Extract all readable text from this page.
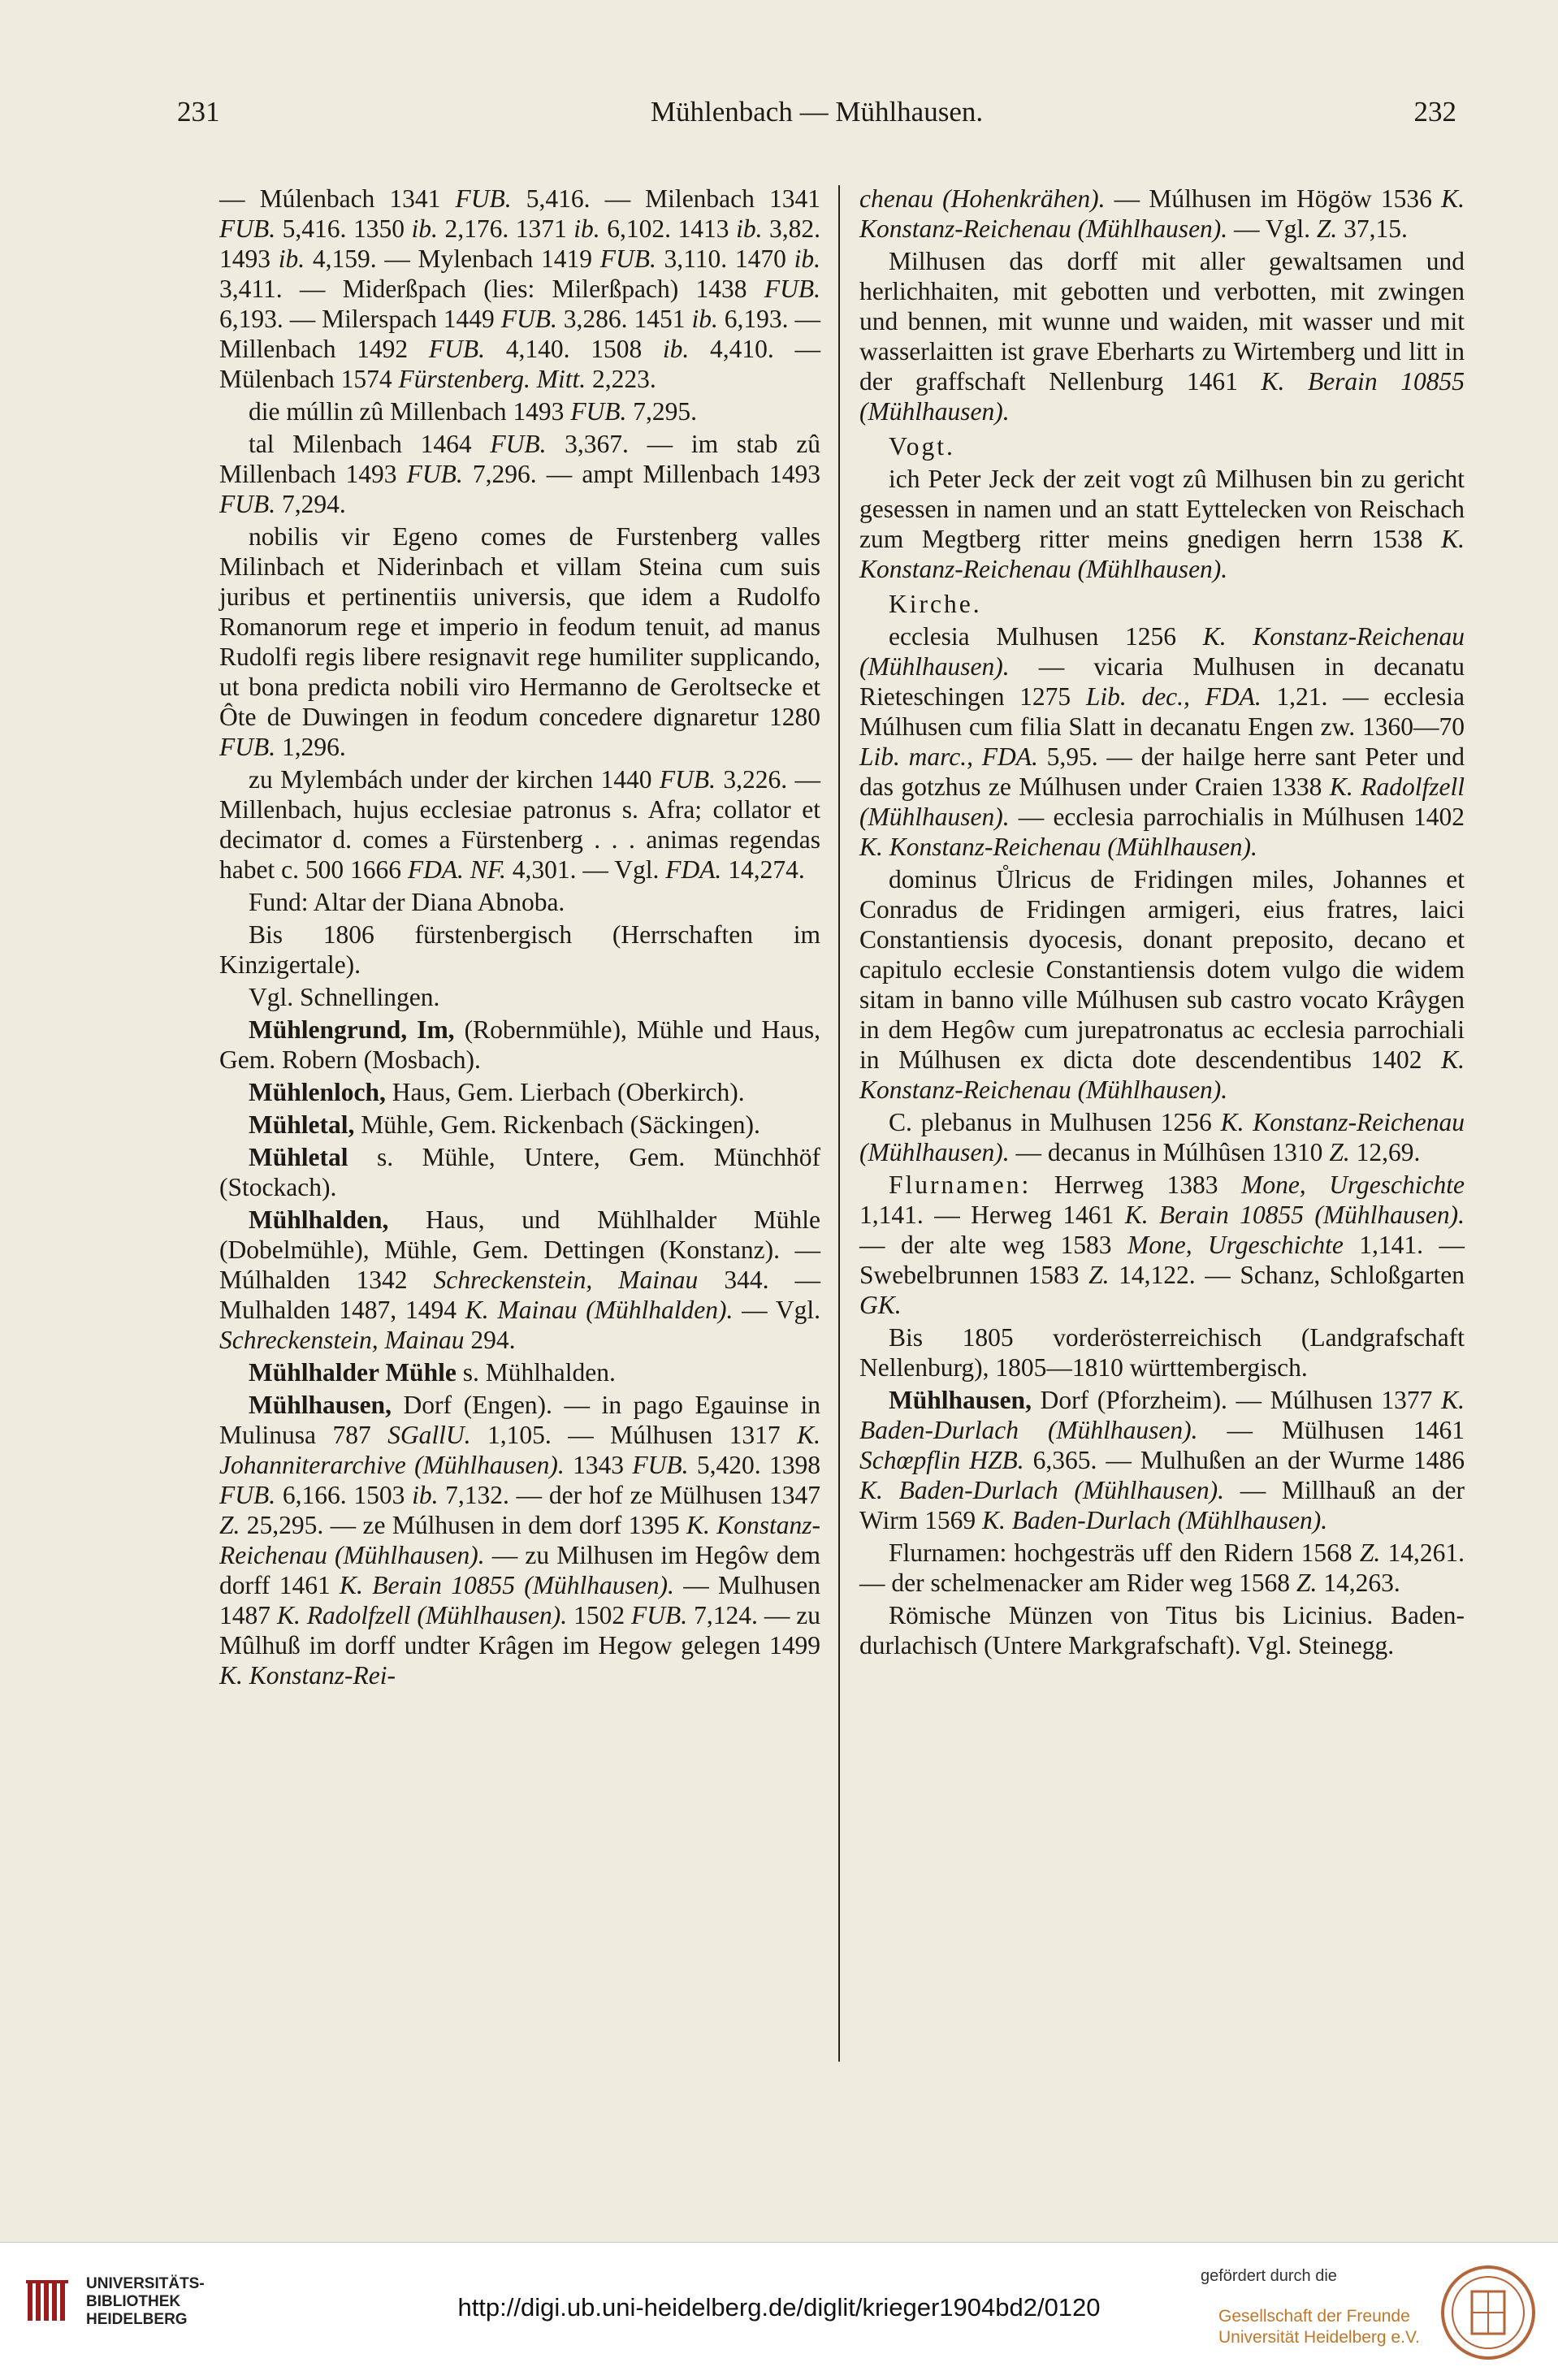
231	Mühlenbach — Mühlhausen.	232

— Múlenbach 1341 FUB. 5,416. — Milenbach 1341 FUB. 5,416. 1350 ib. 2,176. 1371 ib. 6,102. 1413 ib. 3,82. 1493 ib. 4,159. — Mylenbach 1419 FUB. 3,110. 1470 ib. 3,411. — Miderßpach (lies: Milerßpach) 1438 FUB. 6,193. — Milerspach 1449 FUB. 3,286. 1451 ib. 6,193. — Millenbach 1492 FUB. 4,140. 1508 ib. 4,410. — Mülenbach 1574 Fürstenberg. Mitt. 2,223.

die múllin zû Millenbach 1493 FUB. 7,295.

tal Milenbach 1464 FUB. 3,367. — im stab zû Millenbach 1493 FUB. 7,296. — ampt Millenbach 1493 FUB. 7,294.

nobilis vir Egeno comes de Furstenberg valles Milinbach et Niderinbach et villam Steina cum suis juribus et pertinentiis universis, que idem a Rudolfo Romanorum rege et imperio in feodum tenuit, ad manus Rudolfi regis libere resignavit rege humiliter supplicando, ut bona predicta nobili viro Hermanno de Geroltsecke et Ôte de Duwingen in feodum concedere dignaretur 1280 FUB. 1,296.

zu Mylembách under der kirchen 1440 FUB. 3,226. — Millenbach, hujus ecclesiae patronus s. Afra; collator et decimator d. comes a Fürstenberg . . . animas regendas habet c. 500 1666 FDA. NF. 4,301. — Vgl. FDA. 14,274.

Fund: Altar der Diana Abnoba.

Bis 1806 fürstenbergisch (Herrschaften im Kinzigertale).

Vgl. Schnellingen.

Mühlengrund, Im, (Robernmühle), Mühle und Haus, Gem. Robern (Mosbach).

Mühlenloch, Haus, Gem. Lierbach (Oberkirch).

Mühletal, Mühle, Gem. Rickenbach (Säckingen).

Mühletal s. Mühle, Untere, Gem. Münchhöf (Stockach).

Mühlhalden, Haus, und Mühlhalder Mühle (Dobelmühle), Mühle, Gem. Dettingen (Konstanz). — Múlhalden 1342 Schreckenstein, Mainau 344. — Mulhalden 1487, 1494 K. Mainau (Mühlhalden). — Vgl. Schreckenstein, Mainau 294.

Mühlhalder Mühle s. Mühlhalden.

Mühlhausen, Dorf (Engen). — in pago Egauinse in Mulinusa 787 SGallU. 1,105. — Múlhusen 1317 K. Johanniterarchive (Mühlhausen). 1343 FUB. 5,420. 1398 FUB. 6,166. 1503 ib. 7,132. — der hof ze Mülhusen 1347 Z. 25,295. — ze Múlhusen in dem dorf 1395 K. Konstanz-Reichenau (Mühlhausen). — zu Milhusen im Hegôw dem dorff 1461 K. Berain 10855 (Mühlhausen). — Mulhusen 1487 K. Radolfzell (Mühlhausen). 1502 FUB. 7,124. — zu Mûlhuß im dorff undter Krâgen im Hegow gelegen 1499 K. Konstanz-Rei-

chenau (Hohenkrähen). — Múlhusen im Högöw 1536 K. Konstanz-Reichenau (Mühlhausen). — Vgl. Z. 37,15.

Milhusen das dorff mit aller gewaltsamen und herlichhaiten, mit gebotten und verbotten, mit zwingen und bennen, mit wunne und waiden, mit wasser und mit wasserlaitten ist grave Eberharts zu Wirtemberg und litt in der graffschaft Nellenburg 1461 K. Berain 10855 (Mühlhausen).

Vogt.

ich Peter Jeck der zeit vogt zû Milhusen bin zu gericht gesessen in namen und an statt Eyttelecken von Reischach zum Megtberg ritter meins gnedigen herrn 1538 K. Konstanz-Reichenau (Mühlhausen).

Kirche.

ecclesia Mulhusen 1256 K. Konstanz-Reichenau (Mühlhausen). — vicaria Mulhusen in decanatu Rieteschingen 1275 Lib. dec., FDA. 1,21. — ecclesia Múlhusen cum filia Slatt in decanatu Engen zw. 1360—70 Lib. marc., FDA. 5,95. — der hailge herre sant Peter und das gotzhus ze Múlhusen under Craien 1338 K. Radolfzell (Mühlhausen). — ecclesia parrochialis in Múlhusen 1402 K. Konstanz-Reichenau (Mühlhausen).

dominus Ůlricus de Fridingen miles, Johannes et Conradus de Fridingen armigeri, eius fratres, laici Constantiensis dyocesis, donant preposito, decano et capitulo ecclesie Constantiensis dotem vulgo die widem sitam in banno ville Múlhusen sub castro vocato Krâygen in dem Hegôw cum jurepatronatus ac ecclesia parrochiali in Múlhusen ex dicta dote descendentibus 1402 K. Konstanz-Reichenau (Mühlhausen).

C. plebanus in Mulhusen 1256 K. Konstanz-Reichenau (Mühlhausen). — decanus in Múlhûsen 1310 Z. 12,69.

Flurnamen: Herrweg 1383 Mone, Urgeschichte 1,141. — Herweg 1461 K. Berain 10855 (Mühlhausen). — der alte weg 1583 Mone, Urgeschichte 1,141. — Swebelbrunnen 1583 Z. 14,122. — Schanz, Schloßgarten GK.

Bis 1805 vorderösterreichisch (Landgrafschaft Nellenburg), 1805—1810 württembergisch.

Mühlhausen, Dorf (Pforzheim). — Múlhusen 1377 K. Baden-Durlach (Mühlhausen). — Mülhusen 1461 Schœpflin HZB. 6,365. — Mulhußen an der Wurme 1486 K. Baden-Durlach (Mühlhausen). — Millhauß an der Wirm 1569 K. Baden-Durlach (Mühlhausen).

Flurnamen: hochgesträs uff den Ridern 1568 Z. 14,261. — der schelmenacker am Rider weg 1568 Z. 14,263.

Römische Münzen von Titus bis Licinius. Baden-durlachisch (Untere Markgrafschaft). Vgl. Steinegg.

UNIVERSITÄTS-
BIBLIOTHEK
HEIDELBERG	http://digi.ub.uni-heidelberg.de/diglit/krieger1904bd2/0120
gefördert durch die
Gesellschaft der Freunde
Universität Heidelberg e.V.
